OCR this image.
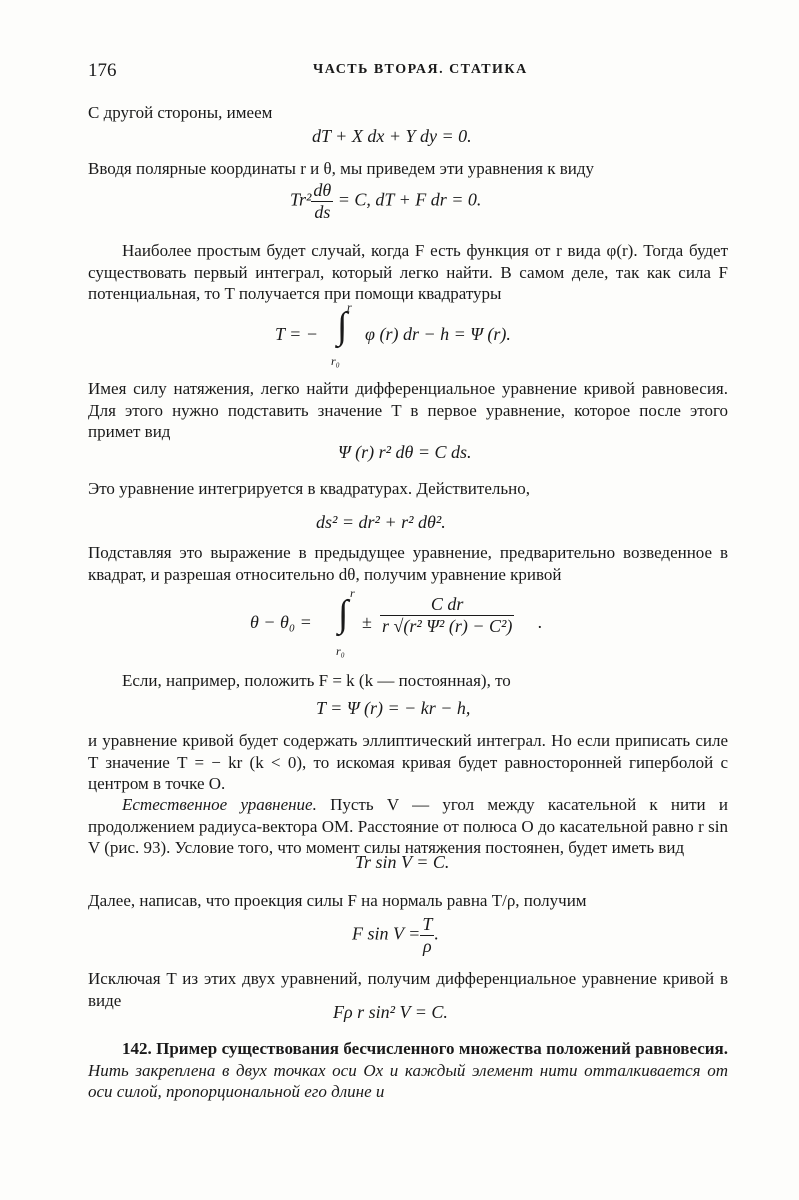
176	ЧАСТЬ ВТОРАЯ. СТАТИКА
С другой стороны, имеем
dT + X dx + Y dy = 0.
Вводя полярные координаты r и θ, мы приведем эти уравнения к виду
$Tr^2 \frac{d\theta}{ds} = C$, dT + F dr = 0.
Наиболее простым будет случай, когда F есть функция от r вида φ(r). Тогда будет существовать первый интеграл, который легко найти. В самом деле, так как сила F потенциальная, то T получается при помощи квадратуры
T = − ∫ r
r₀
φ (r) dr − h = Ψ (r).
Имея силу натяжения, легко найти дифференциальное уравнение кривой равновесия. Для этого нужно подставить значение T в первое уравнение, которое после этого примет вид
Ψ (r) r² dθ = C ds.
Это уравнение интегрируется в квадратурах. Действительно,
ds² = dr² + r² dθ².
Подставляя это выражение в предыдущее уравнение, предварительно возведенное в квадрат, и разрешая относительно dθ, получим уравнение кривой
θ − θ₀ = ∫ r
r₀
± $\frac{\text{C dr}}{\text{r √(r² Ψ² (r) − C²)}}$ .
Если, например, положить F = k (k — постоянная), то
T = Ψ (r) = − kr − h,
и уравнение кривой будет содержать эллиптический интеграл. Но если приписать силе T значение T = − kr (k < 0), то искомая кривая будет равносторонней гиперболой с центром в точке O.
Естественное уравнение. Пусть V — угол между касательной к нити и продолжением радиуса-вектора OM. Расстояние от полюса O до касательной равно r sin V (рис. 93). Условие того, что момент силы натяжения постоянен, будет иметь вид
Tr sin V = C.
Далее, написав, что проекция силы F на нормаль равна T/ρ, получим
F $\sin V = \frac{T}{\rho}$ .
Исключая T из этих двух уравнений, получим дифференциальное уравнение кривой в виде
Fρ r sin² V = C.
142. Пример существования бесчисленного множества положений равновесия. Нить закреплена в двух точках оси Ox и каждый элемент нити отталкивается от оси силой, пропорциональной его длине и
